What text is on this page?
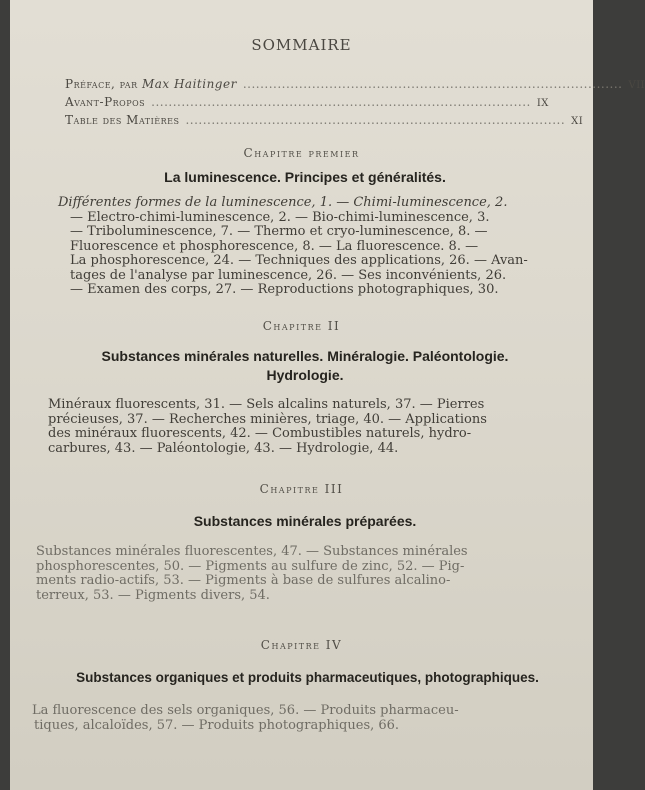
SOMMAIRE
Préface, par Max Haitinger ........................................................................................ VII
Avant-Propos ........................................................................................ IX
Table des Matières ........................................................................................ XI
Chapitre premier
La luminescence. Principes et généralités.
Différentes formes de la luminescence, 1. — Chimi-luminescence, 2.
— Electro-chimi-luminescence, 2. — Bio-chimi-luminescence, 3.
— Triboluminescence, 7. — Thermo et cryo-luminescence, 8. —
Fluorescence et phosphorescence, 8. — La fluorescence. 8. —
La phosphorescence, 24. — Techniques des applications, 26. — Avan-
tages de l'analyse par luminescence, 26. — Ses inconvénients, 26.
— Examen des corps, 27. — Reproductions photographiques, 30.
Chapitre II
Substances minérales naturelles. Minéralogie. Paléontologie.
Hydrologie.
Minéraux fluorescents, 31. — Sels alcalins naturels, 37. — Pierres
précieuses, 37. — Recherches minières, triage, 40. — Applications
des minéraux fluorescents, 42. — Combustibles naturels, hydro-
carbures, 43. — Paléontologie, 43. — Hydrologie, 44.
Chapitre III
Substances minérales préparées.
Substances minérales fluorescentes, 47. — Substances minérales
phosphorescentes, 50. — Pigments au sulfure de zinc, 52. — Pig-
ments radio-actifs, 53. — Pigments à base de sulfures alcalino-
terreux, 53. — Pigments divers, 54.
Chapitre IV
Substances organiques et produits pharmaceutiques, photographiques.
La fluorescence des sels organiques, 56. — Produits pharmaceu-
tiques, alcaloïdes, 57. — Produits photographiques, 66.
